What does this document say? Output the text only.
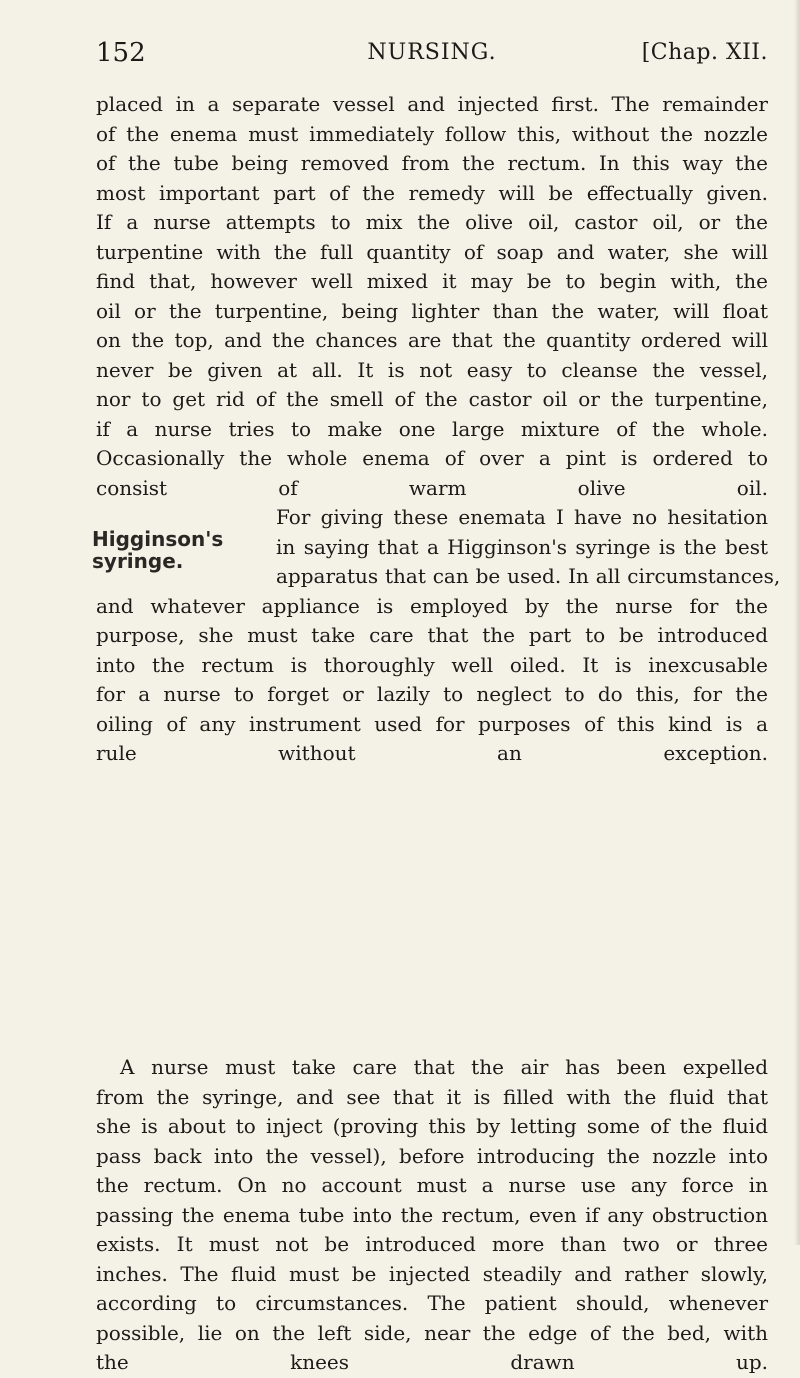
152	NURSING.	[Chap. XII.
placed in a separate vessel and injected first. The remainder
of the enema must immediately follow this, without the nozzle
of the tube being removed from the rectum. In this way the
most important part of the remedy will be effectually given.
If a nurse attempts to mix the olive oil, castor oil, or the
turpentine with the full quantity of soap and water, she will
find that, however well mixed it may be to begin with, the
oil or the turpentine, being lighter than the water, will float
on the top, and the chances are that the quantity ordered will
never be given at all. It is not easy to cleanse the vessel,
nor to get rid of the smell of the castor oil or the turpentine,
if a nurse tries to make one large mixture of the whole.
Occasionally the whole enema of over a pint is ordered to
consist of warm olive oil.
Higginson's
syringe.
For giving these enemata I have no hesitation
in saying that a Higginson's syringe is the best
apparatus that can be used. In all circumstances,
and whatever appliance is employed by the nurse for the
purpose, she must take care that the part to be introduced
into the rectum is thoroughly well oiled. It is inexcusable
for a nurse to forget or lazily to neglect to do this, for the
oiling of any instrument used for purposes of this kind is a
rule without an exception.
A nurse must take care that the air has been expelled
from the syringe, and see that it is filled with the fluid that
she is about to inject (proving this by letting some of the fluid
pass back into the vessel), before introducing the nozzle into
the rectum. On no account must a nurse use any force in
passing the enema tube into the rectum, even if any obstruction
exists. It must not be introduced more than two or three
inches. The fluid must be injected steadily and rather slowly,
according to circumstances. The patient should, whenever
possible, lie on the left side, near the edge of the bed, with
the knees drawn up.
